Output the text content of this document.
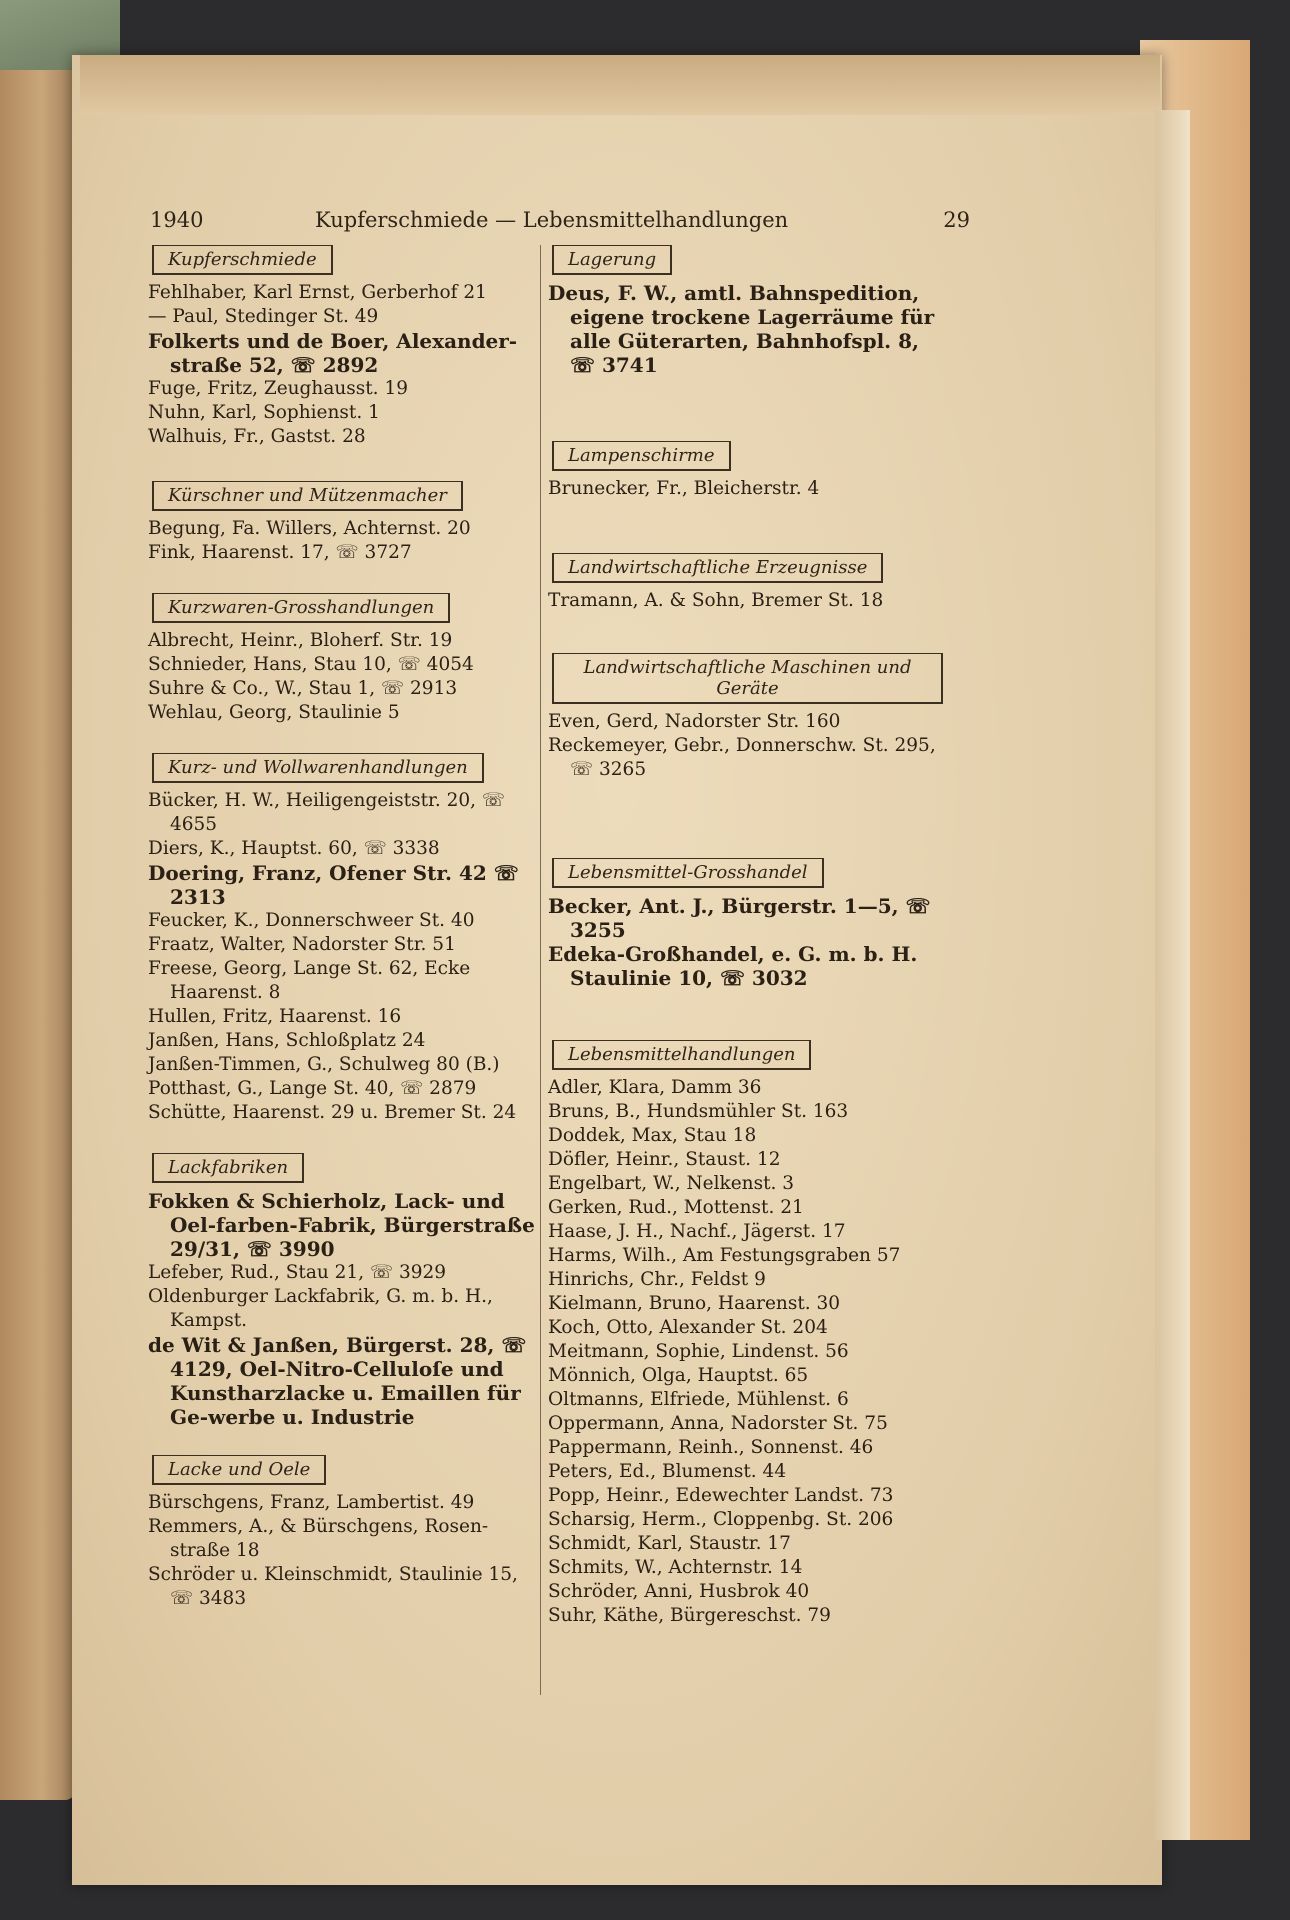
1940	Kupferschmiede — Lebensmittelhandlungen	29
Kupferschmiede

Fehlhaber, Karl Ernst, Gerberhof 21

— Paul, Stedinger St. 49

Folkerts und de Boer, Alexander-straße 52, ☏ 2892

Fuge, Fritz, Zeughausst. 19

Nuhn, Karl, Sophienst. 1

Walhuis, Fr., Gastst. 28

Kürschner und Mützenmacher

Begung, Fa. Willers, Achternst. 20

Fink, Haarenst. 17, ☏ 3727

Kurzwaren-Grosshandlungen

Albrecht, Heinr., Bloherf. Str. 19

Schnieder, Hans, Stau 10, ☏ 4054

Suhre & Co., W., Stau 1, ☏ 2913

Wehlau, Georg, Staulinie 5

Kurz- und Wollwarenhandlungen

Bücker, H. W., Heiligengeiststr. 20, ☏ 4655

Diers, K., Hauptst. 60, ☏ 3338

Doering, Franz, Ofener Str. 42 ☏ 2313

Feucker, K., Donnerschweer St. 40

Fraatz, Walter, Nadorster Str. 51

Freese, Georg, Lange St. 62, Ecke Haarenst. 8

Hullen, Fritz, Haarenst. 16

Janßen, Hans, Schloßplatz 24

Janßen-Timmen, G., Schulweg 80 (B.)

Potthast, G., Lange St. 40, ☏ 2879

Schütte, Haarenst. 29 u. Bremer St. 24

Lackfabriken

Fokken & Schierholz, Lack- und Oel-farben-Fabrik, Bürgerstraße 29/31, ☏ 3990

Lefeber, Rud., Stau 21, ☏ 3929

Oldenburger Lackfabrik, G. m. b. H., Kampst.

de Wit & Janßen, Bürgerst. 28, ☏ 4129, Oel-Nitro-Celluloſe und Kunstharzlacke u. Emaillen für Ge-werbe u. Industrie

Lacke und Oele

Bürschgens, Franz, Lambertist. 49

Remmers, A., & Bürschgens, Rosen-straße 18

Schröder u. Kleinschmidt, Staulinie 15, ☏ 3483

Lagerung

Deus, F. W., amtl. Bahnspedition, eigene trockene Lagerräume für alle Güterarten, Bahnhofspl. 8, ☏ 3741

Lampenschirme

Brunecker, Fr., Bleicherstr. 4

Landwirtschaftliche Erzeugnisse

Tramann, A. & Sohn, Bremer St. 18

Landwirtschaftliche Maschinen und Geräte

Even, Gerd, Nadorster Str. 160

Reckemeyer, Gebr., Donnerschw. St. 295, ☏ 3265

Lebensmittel-Grosshandel

Becker, Ant. J., Bürgerstr. 1—5, ☏ 3255

Edeka-Großhandel, e. G. m. b. H. Staulinie 10, ☏ 3032

Lebensmittelhandlungen

Adler, Klara, Damm 36

Bruns, B., Hundsmühler St. 163

Doddek, Max, Stau 18

Döfler, Heinr., Staust. 12

Engelbart, W., Nelkenst. 3

Gerken, Rud., Mottenst. 21

Haase, J. H., Nachf., Jägerst. 17

Harms, Wilh., Am Festungsgraben 57

Hinrichs, Chr., Feldst 9

Kielmann, Bruno, Haarenst. 30

Koch, Otto, Alexander St. 204

Meitmann, Sophie, Lindenst. 56

Mönnich, Olga, Hauptst. 65

Oltmanns, Elfriede, Mühlenst. 6

Oppermann, Anna, Nadorster St. 75

Pappermann, Reinh., Sonnenst. 46

Peters, Ed., Blumenst. 44

Popp, Heinr., Edewechter Landst. 73

Scharsig, Herm., Cloppenbg. St. 206

Schmidt, Karl, Staustr. 17

Schmits, W., Achternstr. 14

Schröder, Anni, Husbrok 40

Suhr, Käthe, Bürgereschst. 79
